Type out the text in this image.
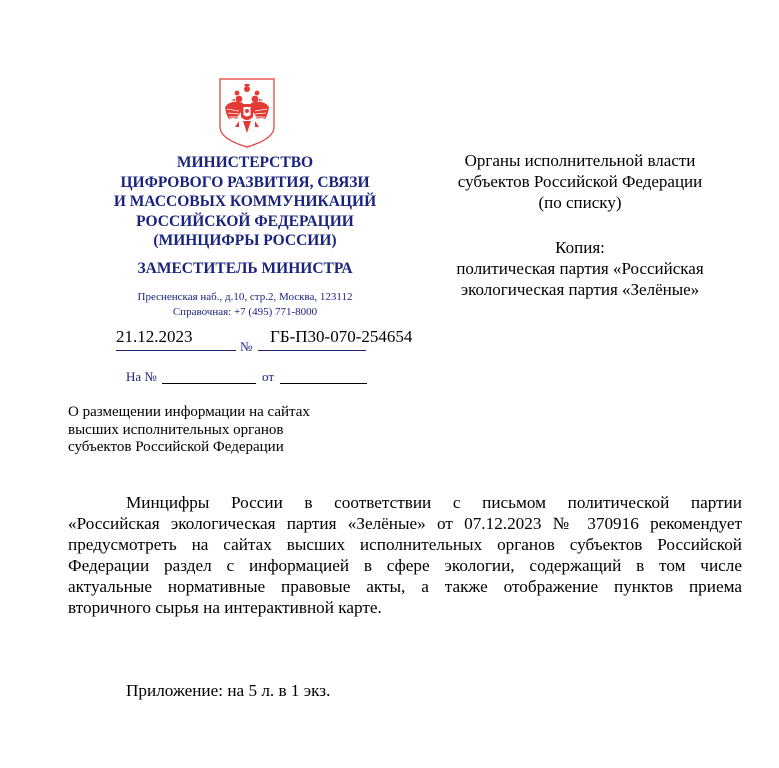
МИНИСТЕРСТВО
ЦИФРОВОГО РАЗВИТИЯ, СВЯЗИ
И МАССОВЫХ КОММУНИКАЦИЙ
РОССИЙСКОЙ ФЕДЕРАЦИИ
(МИНЦИФРЫ РОССИИ)
ЗАМЕСТИТЕЛЬ МИНИСТРА
Пресненская наб., д.10, стр.2, Москва, 123112
Справочная: +7 (495) 771-8000
21.12.2023
№
ГБ-П30-070-254654
На №	от
Органы исполнительной власти
субъектов Российской Федерации
(по списку)
Копия:
политическая партия «Российская
экологическая партия «Зелёные»
О размещении информации на сайтах
высших исполнительных органов
субъектов Российской Федерации
Минцифры России в соответствии с письмом политической партии
«Российская экологическая партия «Зелёные» от 07.12.2023 № 370916 рекомендует
предусмотреть на сайтах высших исполнительных органов субъектов Российской
Федерации раздел с информацией в сфере экологии, содержащий в том числе
актуальные нормативные правовые акты, а также отображение пунктов приема
вторичного сырья на интерактивной карте.
Приложение: на 5 л. в 1 экз.
